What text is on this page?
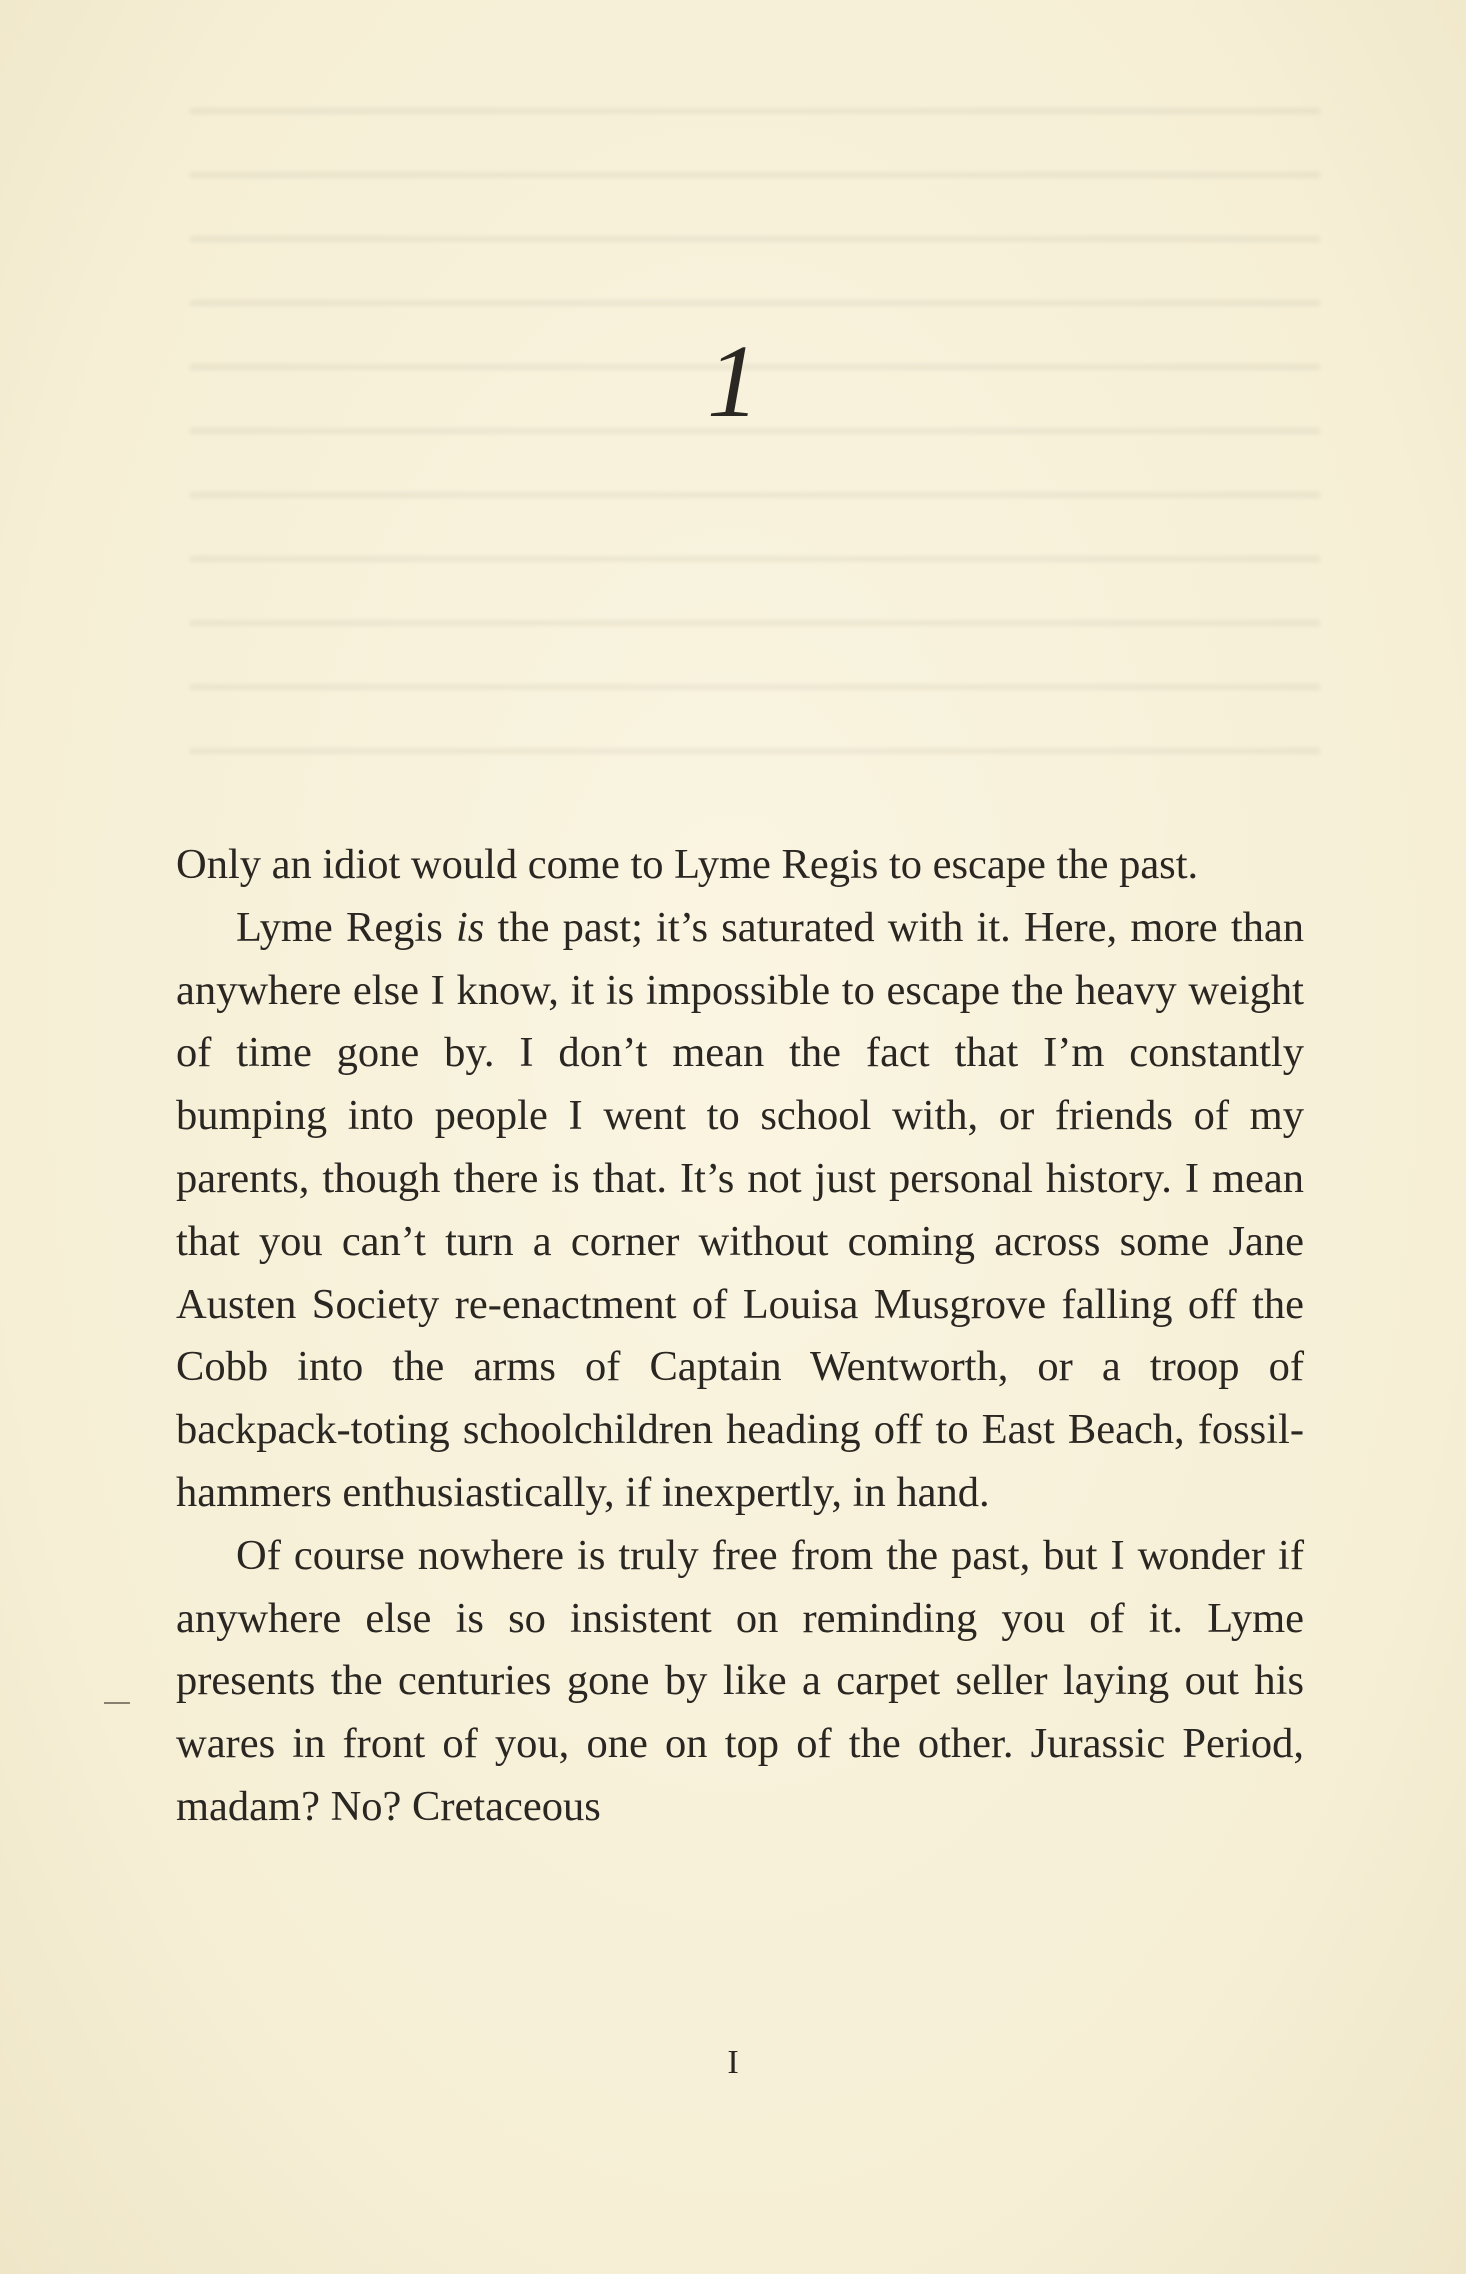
1

Only an idiot would come to Lyme Regis to escape the past.

Lyme Regis is the past; it’s saturated with it. Here, more than anywhere else I know, it is impossible to escape the heavy weight of time gone by. I don’t mean the fact that I’m constantly bumping into people I went to school with, or friends of my parents, though there is that. It’s not just personal history. I mean that you can’t turn a corner without coming across some Jane Austen Society re-enactment of Louisa Musgrove falling off the Cobb into the arms of Captain Wentworth, or a troop of backpack-toting schoolchildren heading off to East Beach, fossil-hammers enthusiastically, if inexpertly, in hand.

Of course nowhere is truly free from the past, but I wonder if anywhere else is so insistent on reminding you of it. Lyme presents the centuries gone by like a carpet seller laying out his wares in front of you, one on top of the other. Jurassic Period, madam? No? Cretaceous

I
